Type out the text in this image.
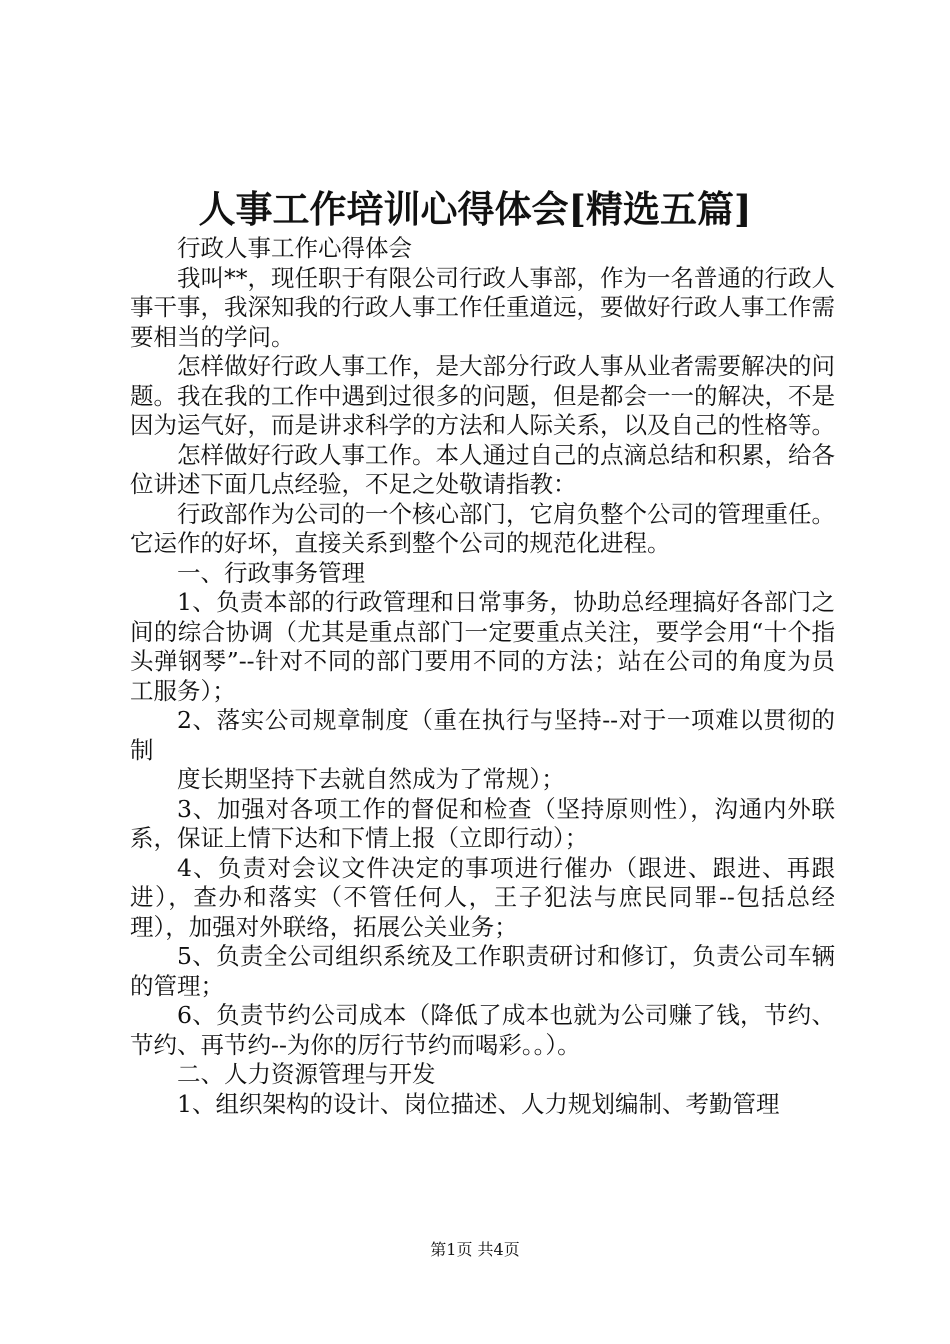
人事工作培训心得体会[精选五篇]

行政人事工作心得体会

我叫**，现任职于有限公司行政人事部，作为一名普通的行政人事干事，我深知我的行政人事工作任重道远，要做好行政人事工作需要相当的学问。

怎样做好行政人事工作，是大部分行政人事从业者需要解决的问题。我在我的工作中遇到过很多的问题，但是都会一一的解决，不是因为运气好，而是讲求科学的方法和人际关系，以及自己的性格等。

怎样做好行政人事工作。本人通过自己的点滴总结和积累，给各位讲述下面几点经验，不足之处敬请指教：

行政部作为公司的一个核心部门，它肩负整个公司的管理重任。它运作的好坏，直接关系到整个公司的规范化进程。

一、行政事务管理

1、负责本部的行政管理和日常事务，协助总经理搞好各部门之间的综合协调（尤其是重点部门一定要重点关注，要学会用“十个指头弹钢琴”--针对不同的部门要用不同的方法；站在公司的角度为员工服务）；

2、落实公司规章制度（重在执行与坚持--对于一项难以贯彻的制

度长期坚持下去就自然成为了常规）；

3、加强对各项工作的督促和检查（坚持原则性），沟通内外联系，保证上情下达和下情上报（立即行动）；

4、负责对会议文件决定的事项进行催办（跟进、跟进、再跟进），查办和落实（不管任何人，王子犯法与庶民同罪--包括总经理），加强对外联络，拓展公关业务；

5、负责全公司组织系统及工作职责研讨和修订，负责公司车辆的管理；

6、负责节约公司成本（降低了成本也就为公司赚了钱，节约、节约、再节约--为你的厉行节约而喝彩。。）。

二、人力资源管理与开发

1、组织架构的设计、岗位描述、人力规划编制、考勤管理

第1页 共4页
